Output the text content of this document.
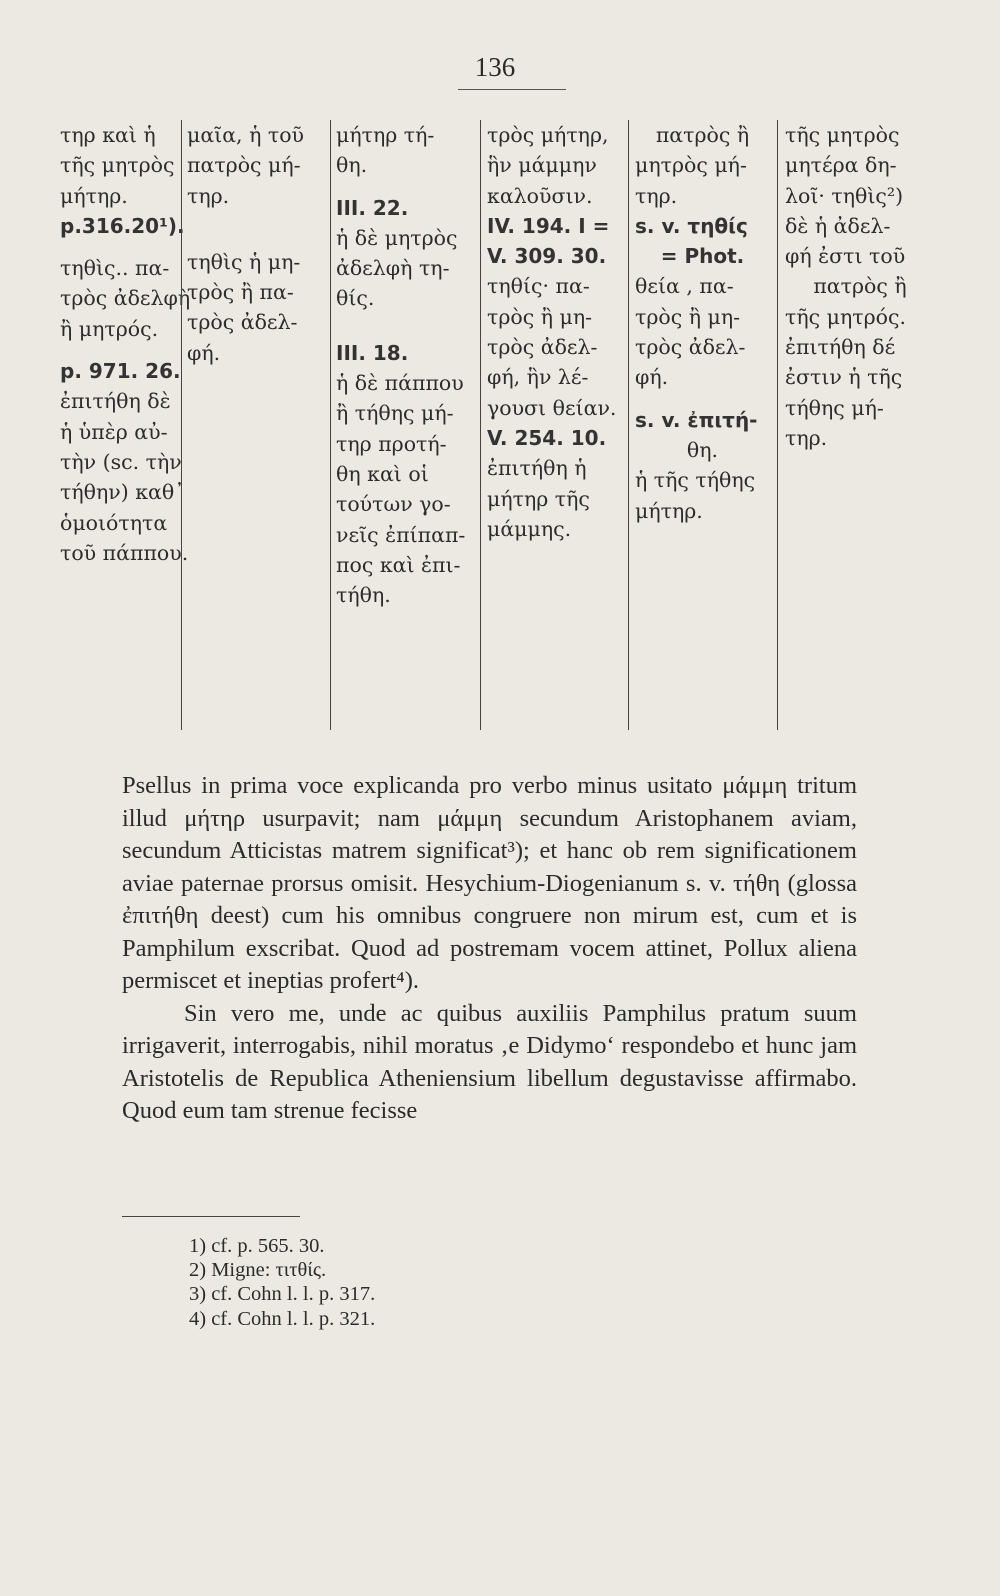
136
τηρ καὶ ἡ
τῆς μητρὸς
μήτηρ.
p.316.20¹).
τηθὶς.. πα-
τρὸς ἀδελφὴ
ἢ μητρός.
p. 971. 26.
ἐπιτήθη δὲ
ἡ ὑπὲρ αὐ-
τὴν (sc. τὴν
τήθην) καθ᾽
ὁμοιότητα
τοῦ πάππου.
μαῖα, ἡ τοῦ
πατρὸς μή-
τηρ.
τηθὶς ἡ μη-
τρὸς ἢ πα-
τρὸς ἀδελ-
φή.
μήτηρ τή-
θη.
III. 22.
ἡ δὲ μητρὸς
ἀδελφὴ τη-
θίς.
III. 18.
ἡ δὲ πάππου
ἢ τήθης μή-
τηρ προτή-
θη καὶ οἱ
τούτων γο-
νεῖς ἐπίπαπ-
πος καὶ ἐπι-
τήθη.
τρὸς μήτηρ,
ἣν μάμμην
καλοῦσιν.
IV. 194. I =
V. 309. 30.
τηθίς· πα-
τρὸς ἢ μη-
τρὸς ἀδελ-
φή, ἣν λέ-
γουσι θείαν.
V. 254. 10.
ἐπιτήθη ἡ
μήτηρ τῆς
μάμμης.
πατρὸς ἢ
μητρὸς μή-
τηρ.
s. v. τηθίς
= Phot.
θεία , πα-
τρὸς ἢ μη-
τρὸς ἀδελ-
φή.
s. v. ἐπιτή-
θη.
ἡ τῆς τήθης
μήτηρ.
τῆς μητρὸς
μητέρα δη-
λοῖ· τηθὶς²)
δὲ ἡ ἀδελ-
φή ἐστι τοῦ
πατρὸς ἢ
τῆς μητρός.
ἐπιτήθη δέ
ἐστιν ἡ τῆς
τήθης μή-
τηρ.

Psellus in prima voce explicanda pro verbo minus usitato μάμμη tritum illud μήτηρ usurpavit; nam μάμμη secundum Aristophanem aviam, secundum Atticistas matrem significat³); et hanc ob rem significationem aviae paternae prorsus omisit. Hesychium-Diogenianum s. v. τήθη (glossa ἐπιτήθη deest) cum his omnibus congruere non mirum est, cum et is Pamphilum exscribat. Quod ad postremam vocem attinet, Pollux aliena permiscet et ineptias profert⁴).

Sin vero me, unde ac quibus auxiliis Pamphilus pratum suum irrigaverit, interrogabis, nihil moratus ‚e Didymo‘ respondebo et hunc jam Aristotelis de Republica Atheniensium libellum degustavisse affirmabo. Quod eum tam strenue fecisse

1) cf. p. 565. 30.
2) Migne: τιτθίς.
3) cf. Cohn l. l. p. 317.
4) cf. Cohn l. l. p. 321.
